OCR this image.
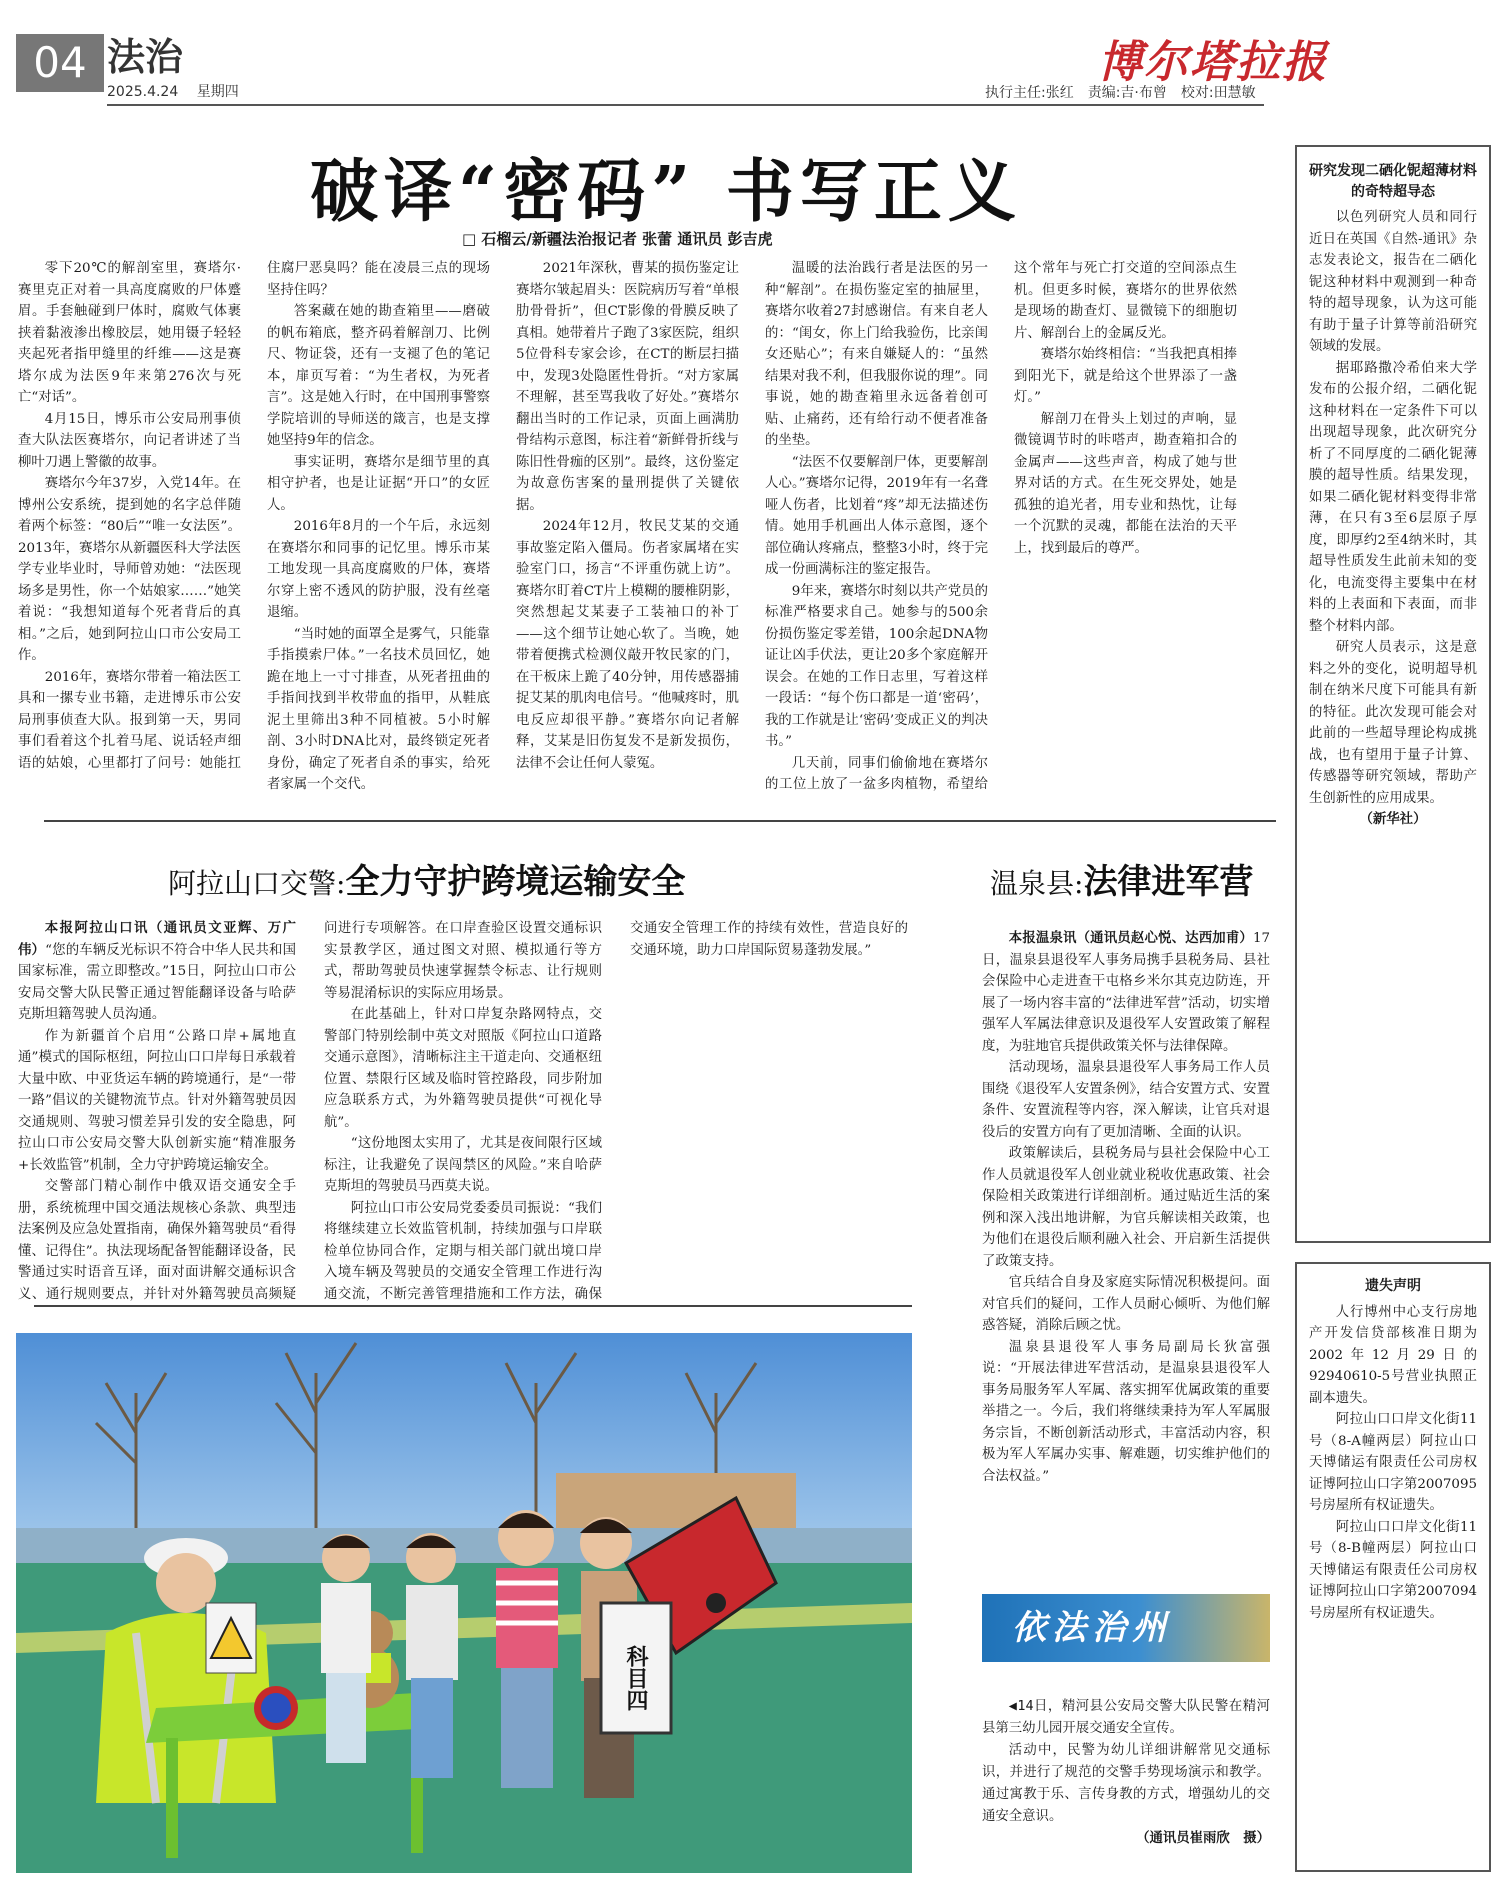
04 法治
2025.4.24 星期四
博尔塔拉报
执行主任:张红　责编:吉·布曾　校对:田慧敏
破译“密码” 书写正义
□ 石榴云/新疆法治报记者 张蕾 通讯员 彭吉虎

零下20℃的解剖室里，赛塔尔·赛里克正对着一具高度腐败的尸体蹙眉。手套触碰到尸体时，腐败气体裹挟着黏液渗出橡胶层，她用镊子轻轻夹起死者指甲缝里的纤维——这是赛塔尔成为法医9年来第276次与死亡“对话”。

4月15日，博乐市公安局刑事侦查大队法医赛塔尔，向记者讲述了当柳叶刀遇上警徽的故事。

赛塔尔今年37岁，入党14年。在博州公安系统，提到她的名字总伴随着两个标签：“80后”“唯一女法医”。2013年，赛塔尔从新疆医科大学法医学专业毕业时，导师曾劝她：“法医现场多是男性，你一个姑娘家……”她笑着说：“我想知道每个死者背后的真相。”之后，她到阿拉山口市公安局工作。

2016年，赛塔尔带着一箱法医工具和一摞专业书籍，走进博乐市公安局刑事侦查大队。报到第一天，男同事们看着这个扎着马尾、说话轻声细语的姑娘，心里都打了问号：她能扛住腐尸恶臭吗？能在凌晨三点的现场坚持住吗？

答案藏在她的勘查箱里——磨破的帆布箱底，整齐码着解剖刀、比例尺、物证袋，还有一支褪了色的笔记本，扉页写着：“为生者权，为死者言”。这是她入行时，在中国刑事警察学院培训的导师送的箴言，也是支撑她坚持9年的信念。

事实证明，赛塔尔是细节里的真相守护者，也是让证据“开口”的女匠人。

2016年8月的一个午后，永远刻在赛塔尔和同事的记忆里。博乐市某工地发现一具高度腐败的尸体，赛塔尔穿上密不透风的防护服，没有丝毫退缩。

“当时她的面罩全是雾气，只能靠手指摸索尸体。”一名技术员回忆，她跪在地上一寸寸排查，从死者扭曲的手指间找到半枚带血的指甲，从鞋底泥土里筛出3种不同植被。5小时解剖、3小时DNA比对，最终锁定死者身份，确定了死者自杀的事实，给死者家属一个交代。

2021年深秋，曹某的损伤鉴定让赛塔尔皱起眉头：医院病历写着“单根肋骨骨折”，但CT影像的骨膜反映了真相。她带着片子跑了3家医院，组织5位骨科专家会诊，在CT的断层扫描中，发现3处隐匿性骨折。“对方家属不理解，甚至骂我收了好处。”赛塔尔翻出当时的工作记录，页面上画满肋骨结构示意图，标注着“新鲜骨折线与陈旧性骨痂的区别”。最终，这份鉴定为故意伤害案的量刑提供了关键依据。

2024年12月，牧民艾某的交通事故鉴定陷入僵局。伤者家属堵在实验室门口，扬言“不评重伤就上访”。赛塔尔盯着CT片上模糊的腰椎阴影，突然想起艾某妻子工装袖口的补丁——这个细节让她心软了。当晚，她带着便携式检测仪敲开牧民家的门，在干板床上跪了40分钟，用传感器捕捉艾某的肌肉电信号。“他喊疼时，肌电反应却很平静。”赛塔尔向记者解释，艾某是旧伤复发不是新发损伤，法律不会让任何人蒙冤。

温暖的法治践行者是法医的另一种“解剖”。在损伤鉴定室的抽屉里，赛塔尔收着27封感谢信。有来自老人的：“闺女，你上门给我验伤，比亲闺女还贴心”；有来自嫌疑人的：“虽然结果对我不利，但我服你说的理”。同事说，她的勘查箱里永远备着创可贴、止痛药，还有给行动不便者准备的坐垫。

“法医不仅要解剖尸体，更要解剖人心。”赛塔尔记得，2019年有一名聋哑人伤者，比划着“疼”却无法描述伤情。她用手机画出人体示意图，逐个部位确认疼痛点，整整3小时，终于完成一份画满标注的鉴定报告。

9年来，赛塔尔时刻以共产党员的标准严格要求自己。她参与的500余份损伤鉴定零差错，100余起DNA物证让凶手伏法，更让20多个家庭解开误会。在她的工作日志里，写着这样一段话：“每个伤口都是一道‘密码’，我的工作就是让‘密码’变成正义的判决书。”

几天前，同事们偷偷地在赛塔尔的工位上放了一盆多肉植物，希望给这个常年与死亡打交道的空间添点生机。但更多时候，赛塔尔的世界依然是现场的勘查灯、显微镜下的细胞切片、解剖台上的金属反光。

赛塔尔始终相信：“当我把真相捧到阳光下，就是给这个世界添了一盏灯。”

解剖刀在骨头上划过的声响，显微镜调节时的咔嗒声，勘查箱扣合的金属声——这些声音，构成了她与世界对话的方式。在生死交界处，她是孤独的追光者，用专业和热忱，让每一个沉默的灵魂，都能在法治的天平上，找到最后的尊严。

阿拉山口交警:全力守护跨境运输安全

本报阿拉山口讯（通讯员文亚辉、万广伟）“您的车辆反光标识不符合中华人民共和国国家标准，需立即整改。”15日，阿拉山口市公安局交警大队民警正通过智能翻译设备与哈萨克斯坦籍驾驶人员沟通。

作为新疆首个启用“公路口岸+属地直通”模式的国际枢纽，阿拉山口口岸每日承载着大量中欧、中亚货运车辆的跨境通行，是“一带一路”倡议的关键物流节点。针对外籍驾驶员因交通规则、驾驶习惯差异引发的安全隐患，阿拉山口市公安局交警大队创新实施“精准服务+长效监管”机制，全力守护跨境运输安全。

交警部门精心制作中俄双语交通安全手册，系统梳理中国交通法规核心条款、典型违法案例及应急处置指南，确保外籍驾驶员“看得懂、记得住”。执法现场配备智能翻译设备，民警通过实时语音互译，面对面讲解交通标识含义、通行规则要点，并针对外籍驾驶员高频疑问进行专项解答。在口岸查验区设置交通标识实景教学区，通过图文对照、模拟通行等方式，帮助驾驶员快速掌握禁令标志、让行规则等易混淆标识的实际应用场景。

在此基础上，针对口岸复杂路网特点，交警部门特别绘制中英文对照版《阿拉山口道路交通示意图》，清晰标注主干道走向、交通枢纽位置、禁限行区域及临时管控路段，同步附加应急联系方式，为外籍驾驶员提供“可视化导航”。

“这份地图太实用了，尤其是夜间限行区域标注，让我避免了误闯禁区的风险。”来自哈萨克斯坦的驾驶员马西莫夫说。

阿拉山口市公安局党委委员司振说：“我们将继续建立长效监管机制，持续加强与口岸联检单位协同合作，定期与相关部门就出境口岸入境车辆及驾驶员的交通安全管理工作进行沟通交流，不断完善管理措施和工作方法，确保交通安全管理工作的持续有效性，营造良好的交通环境，助力口岸国际贸易蓬勃发展。”

温泉县:法律进军营

本报温泉讯（通讯员赵心悦、达西加甫）17日，温泉县退役军人事务局携手县税务局、县社会保险中心走进查干屯格乡米尔其克边防连，开展了一场内容丰富的“法律进军营”活动，切实增强军人军属法律意识及退役军人安置政策了解程度，为驻地官兵提供政策关怀与法律保障。

活动现场，温泉县退役军人事务局工作人员围绕《退役军人安置条例》，结合安置方式、安置条件、安置流程等内容，深入解读，让官兵对退役后的安置方向有了更加清晰、全面的认识。

政策解读后，县税务局与县社会保险中心工作人员就退役军人创业就业税收优惠政策、社会保险相关政策进行详细剖析。通过贴近生活的案例和深入浅出地讲解，为官兵解读相关政策，也为他们在退役后顺利融入社会、开启新生活提供了政策支持。

官兵结合自身及家庭实际情况积极提问。面对官兵们的疑问，工作人员耐心倾听、为他们解惑答疑，消除后顾之忧。

温泉县退役军人事务局副局长狄富强说：“开展法律进军营活动，是温泉县退役军人事务局服务军人军属、落实拥军优属政策的重要举措之一。今后，我们将继续秉持为军人军属服务宗旨，不断创新活动形式，丰富活动内容，积极为军人军属办实事、解难题，切实维护他们的合法权益。”

研究发现二硒化铌超薄材料的奇特超导态

以色列研究人员和同行近日在英国《自然-通讯》杂志发表论文，报告在二硒化铌这种材料中观测到一种奇特的超导现象，认为这可能有助于量子计算等前沿研究领域的发展。

据耶路撒冷希伯来大学发布的公报介绍，二硒化铌这种材料在一定条件下可以出现超导现象，此次研究分析了不同厚度的二硒化铌薄膜的超导性质。结果发现，如果二硒化铌材料变得非常薄，在只有3至6层原子厚度，即厚约2至4纳米时，其超导性质发生此前未知的变化，电流变得主要集中在材料的上表面和下表面，而非整个材料内部。

研究人员表示，这是意料之外的变化，说明超导机制在纳米尺度下可能具有新的特征。此次发现可能会对此前的一些超导理论构成挑战，也有望用于量子计算、传感器等研究领域，帮助产生创新性的应用成果。

（新华社）
遗失声明

人行博州中心支行房地产开发信贷部核准日期为2002年12月29日的92940610-5号营业执照正副本遗失。

阿拉山口口岸文化街11号（8-A幢两层）阿拉山口天博储运有限责任公司房权证博阿拉山口字第2007095号房屋所有权证遗失。

阿拉山口口岸文化街11号（8-B幢两层）阿拉山口天博储运有限责任公司房权证博阿拉山口字第2007094号房屋所有权证遗失。

科目四
依法治州

◀14日，精河县公安局交警大队民警在精河县第三幼儿园开展交通安全宣传。

活动中，民警为幼儿详细讲解常见交通标识，并进行了规范的交警手势现场演示和教学。通过寓教于乐、言传身教的方式，增强幼儿的交通安全意识。

（通讯员崔雨欣　摄）
